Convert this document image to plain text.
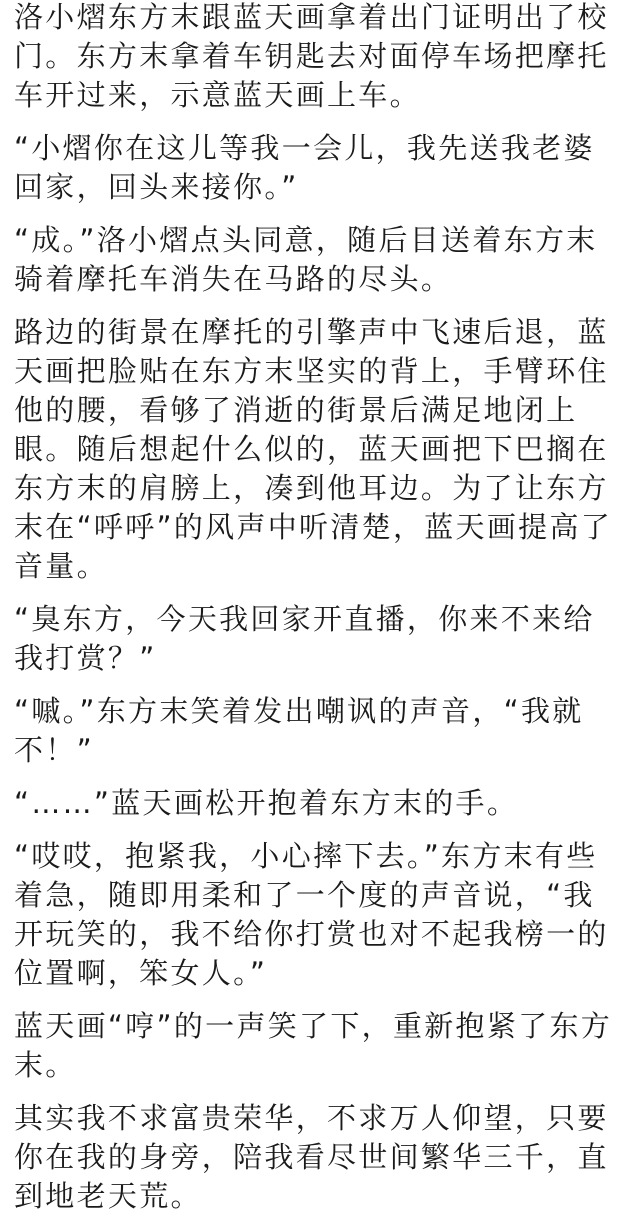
洛小熠东方末跟蓝天画拿着出门证明出了校门。东方末拿着车钥匙去对面停车场把摩托车开过来，示意蓝天画上车。

“小熠你在这儿等我一会儿，我先送我老婆回家，回头来接你。”

“成。”洛小熠点头同意，随后目送着东方末骑着摩托车消失在马路的尽头。

路边的街景在摩托的引擎声中飞速后退，蓝天画把脸贴在东方末坚实的背上，手臂环住他的腰，看够了消逝的街景后满足地闭上眼。随后想起什么似的，蓝天画把下巴搁在东方末的肩膀上，凑到他耳边。为了让东方末在“呼呼”的风声中听清楚，蓝天画提高了音量。

“臭东方，今天我回家开直播，你来不来给我打赏？”

“嘁。”东方末笑着发出嘲讽的声音，“我就不！”

“……”蓝天画松开抱着东方末的手。

“哎哎，抱紧我，小心摔下去。”东方末有些着急，随即用柔和了一个度的声音说，“我开玩笑的，我不给你打赏也对不起我榜一的位置啊，笨女人。”

蓝天画“哼”的一声笑了下，重新抱紧了东方末。

其实我不求富贵荣华，不求万人仰望，只要你在我的身旁，陪我看尽世间繁华三千，直到地老天荒。
